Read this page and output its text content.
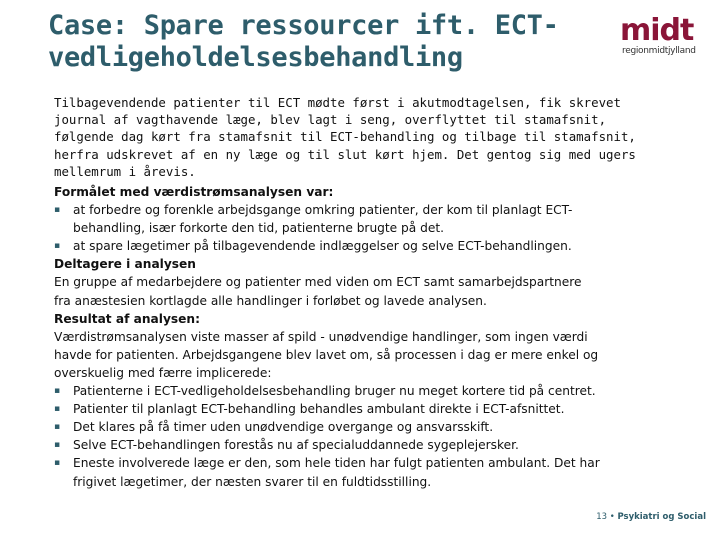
Case: Spare ressourcer ift. ECT-
vedligeholdelsesbehandling
midt
regionmidtjylland

Tilbagevendende patienter til ECT mødte først i akutmodtagelsen, fik skrevet
journal af vagthavende læge, blev lagt i seng, overflyttet til stamafsnit,
følgende dag kørt fra stamafsnit til ECT-behandling og tilbage til stamafsnit,
herfra udskrevet af en ny læge og til slut kørt hjem. Det gentog sig med ugers
mellemrum i årevis.

Formålet med værdistrømsanalysen var:
▪ at forbedre og forenkle arbejdsgange omkring patienter, der kom til planlagt ECT-
behandling, især forkorte den tid, patienterne brugte på det.
▪ at spare lægetimer på tilbagevendende indlæggelser og selve ECT-behandlingen.
Deltagere i analysen
En gruppe af medarbejdere og patienter med viden om ECT samt samarbejdspartnere
fra anæstesien kortlagde alle handlinger i forløbet og lavede analysen.
Resultat af analysen:
Værdistrømsanalysen viste masser af spild - unødvendige handlinger, som ingen værdi
havde for patienten. Arbejdsgangene blev lavet om, så processen i dag er mere enkel og
overskuelig med færre implicerede:
▪ Patienterne i ECT-vedligeholdelsesbehandling bruger nu meget kortere tid på centret.
▪ Patienter til planlagt ECT-behandling behandles ambulant direkte i ECT-afsnittet.
▪ Det klares på få timer uden unødvendige overgange og ansvarsskift.
▪ Selve ECT-behandlingen forestås nu af specialuddannede sygeplejersker.
▪ Eneste involverede læge er den, som hele tiden har fulgt patienten ambulant. Det har
frigivet lægetimer, der næsten svarer til en fuldtidsstilling.
13 • Psykiatri og Social
